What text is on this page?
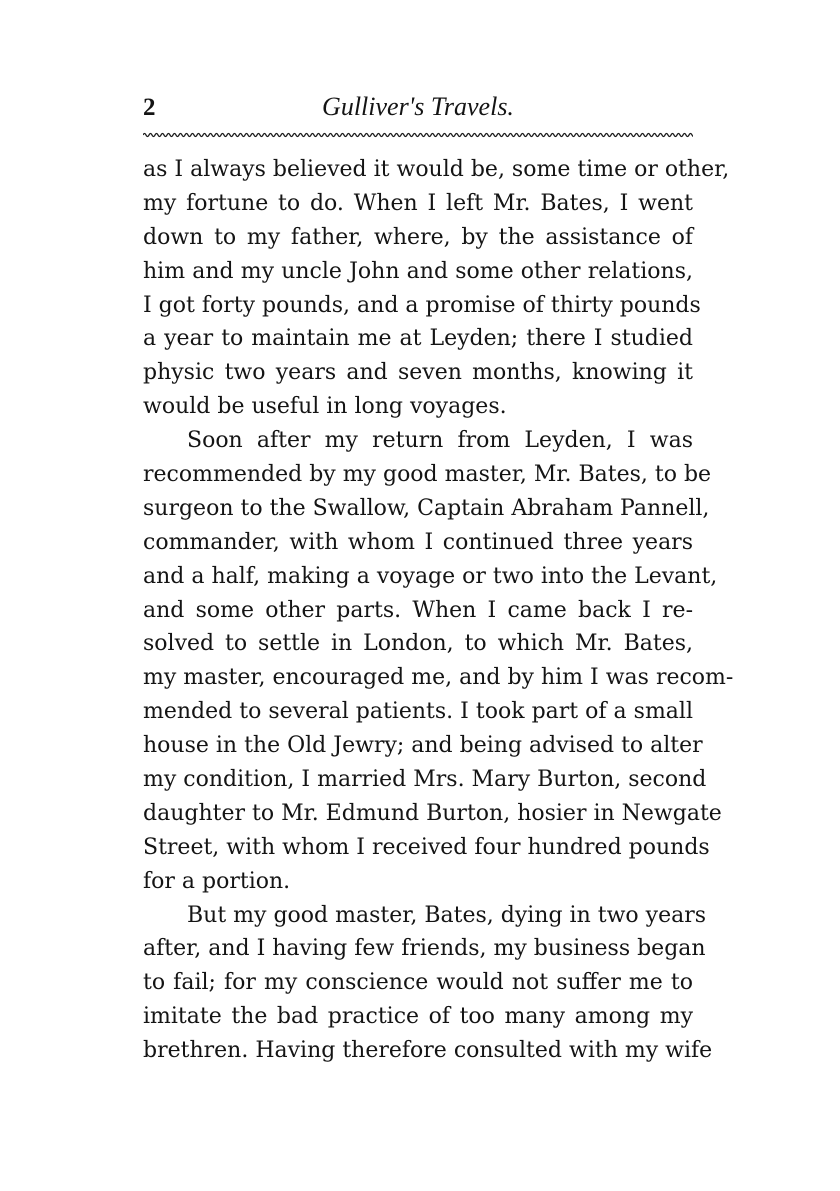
2	Gulliver's Travels.
as I always believed it would be, some time or other,
my fortune to do. When I left Mr. Bates, I went
down to my father, where, by the assistance of
him and my uncle John and some other relations,
I got forty pounds, and a promise of thirty pounds
a year to maintain me at Leyden; there I studied
physic two years and seven months, knowing it
would be useful in long voyages.
Soon after my return from Leyden, I was
recommended by my good master, Mr. Bates, to be
surgeon to the Swallow, Captain Abraham Pannell,
commander, with whom I continued three years
and a half, making a voyage or two into the Levant,
and some other parts. When I came back I re-
solved to settle in London, to which Mr. Bates,
my master, encouraged me, and by him I was recom-
mended to several patients. I took part of a small
house in the Old Jewry; and being advised to alter
my condition, I married Mrs. Mary Burton, second
daughter to Mr. Edmund Burton, hosier in Newgate
Street, with whom I received four hundred pounds
for a portion.
But my good master, Bates, dying in two years
after, and I having few friends, my business began
to fail; for my conscience would not suffer me to
imitate the bad practice of too many among my
brethren. Having therefore consulted with my wife
